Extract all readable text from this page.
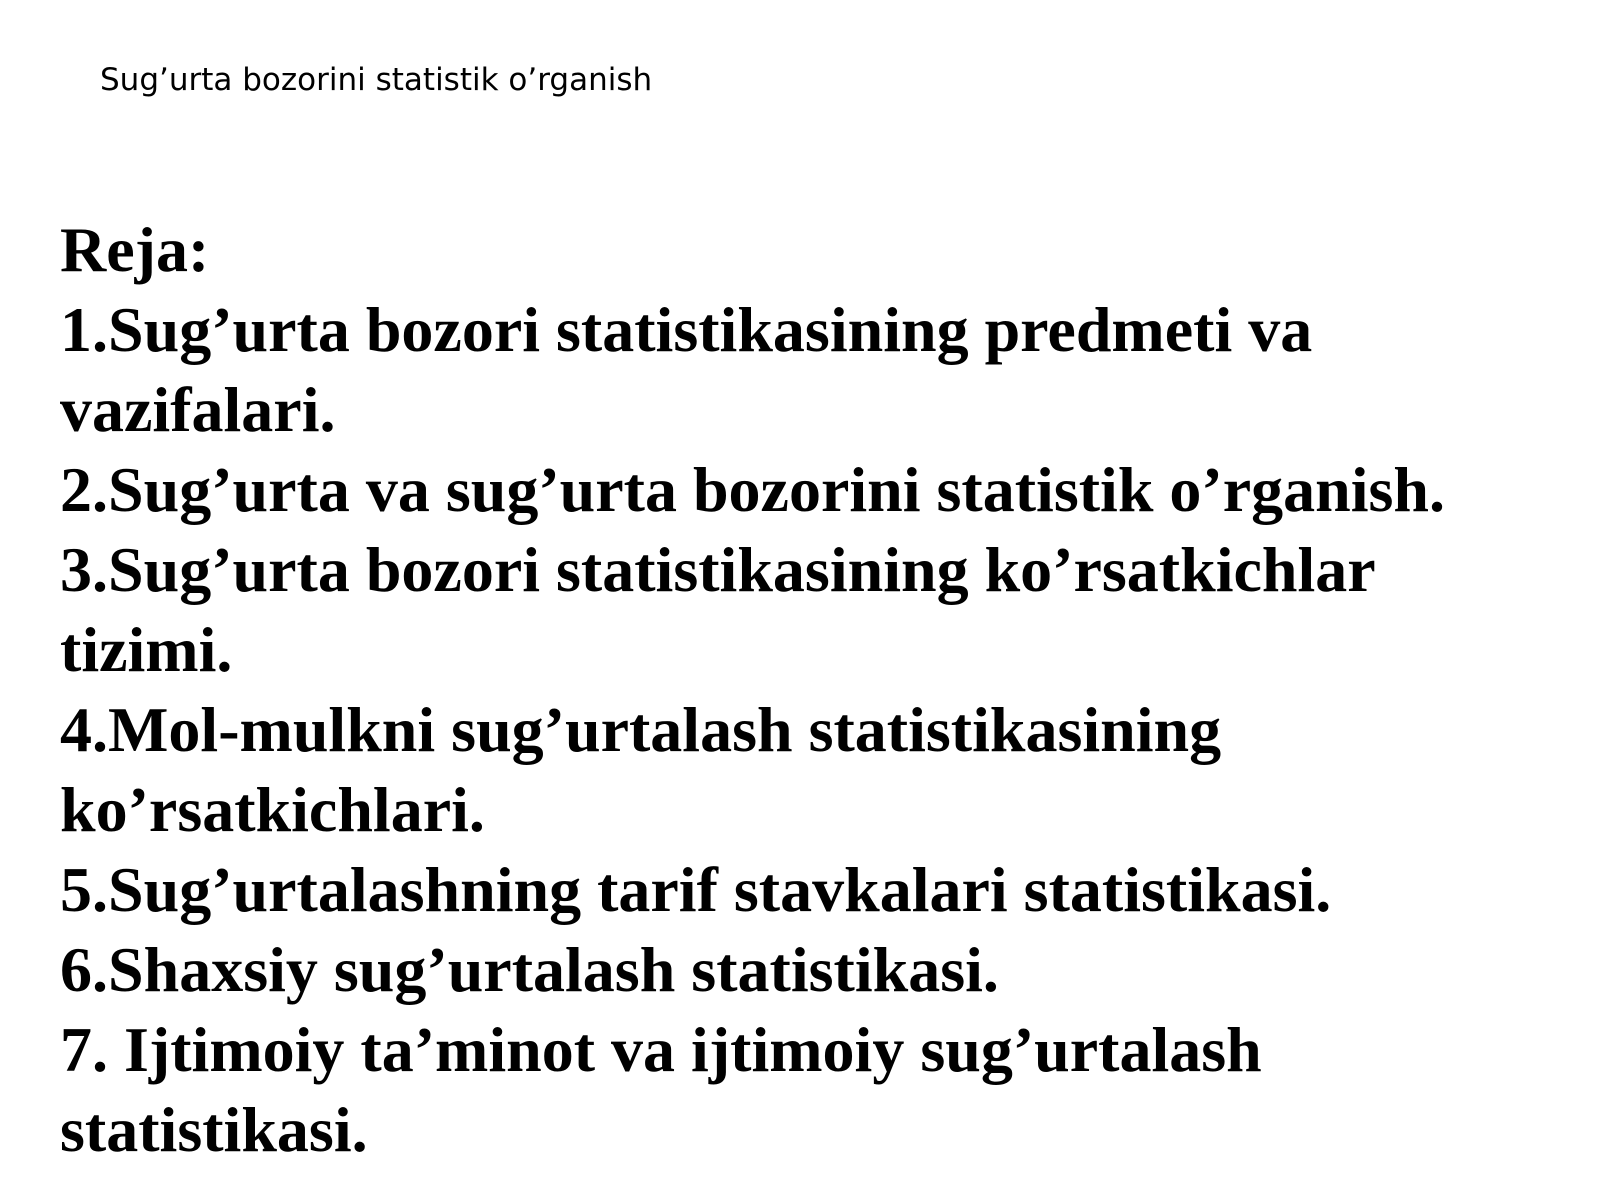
Sug’urta bozorini statistik o’rganish
Reja:
1.Sug’urta bozori statistikasining predmeti va
vazifalari.
2.Sug’urta va sug’urta bozorini statistik o’rganish.
3.Sug’urta bozori statistikasining ko’rsatkichlar
tizimi.
4.Mol-mulkni sug’urtalash statistikasining
ko’rsatkichlari.
5.Sug’urtalashning tarif stavkalari statistikasi.
6.Shaxsiy sug’urtalash statistikasi.
7. Ijtimoiy ta’minot va ijtimoiy sug’urtalash
statistikasi.
